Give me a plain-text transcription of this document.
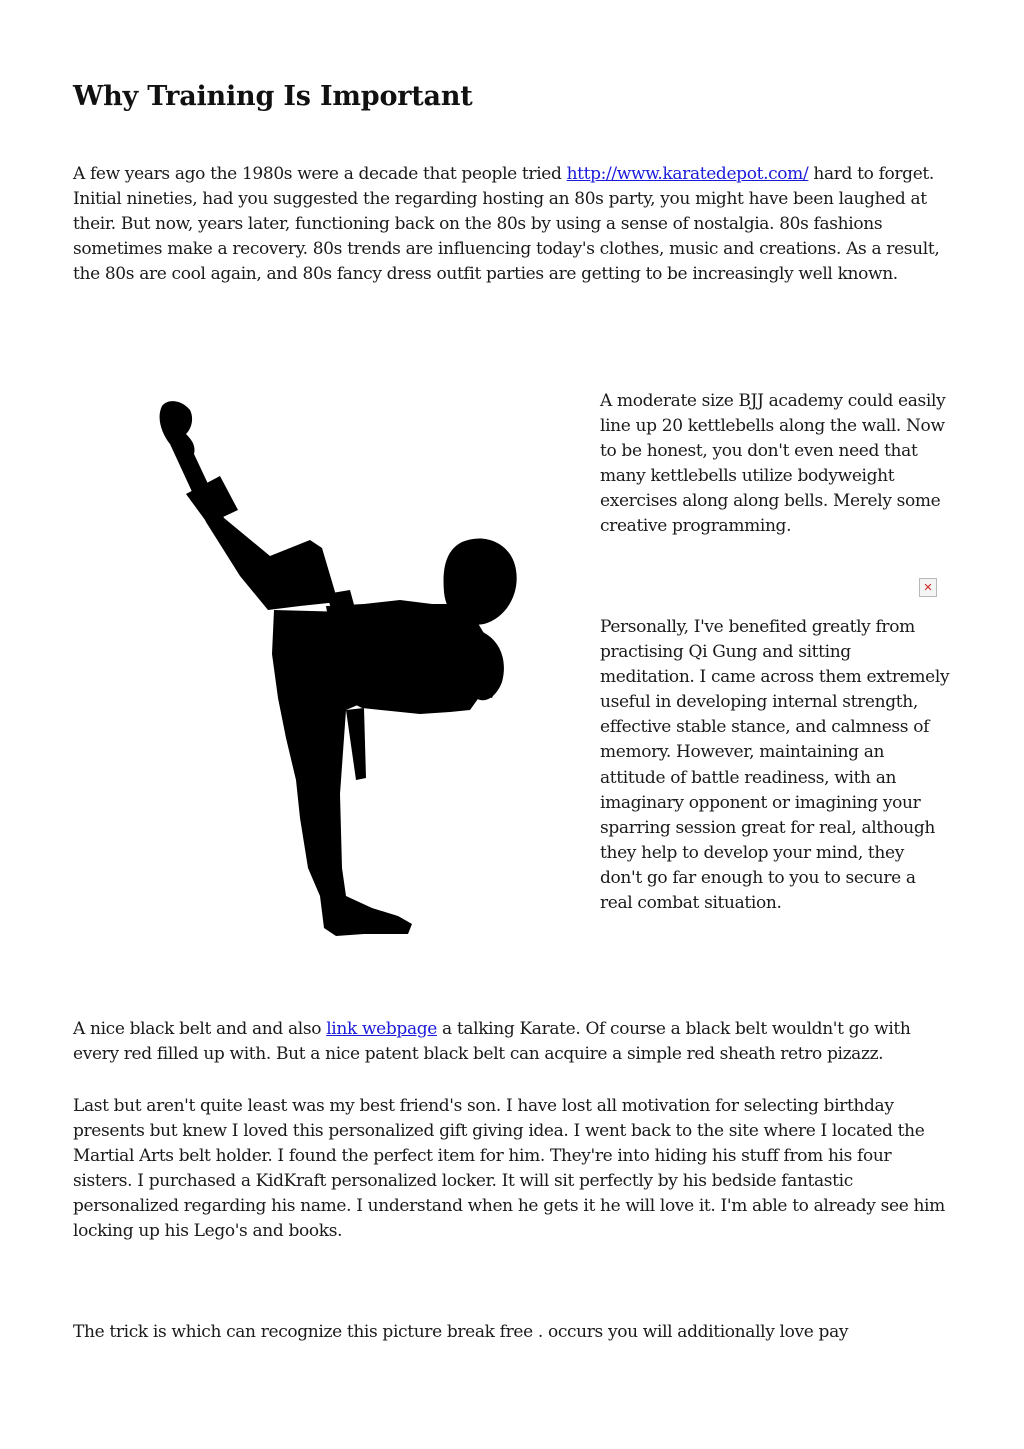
Why Training Is Important

A few years ago the 1980s were a decade that people tried http://www.karatedepot.com/ hard to forget. Initial nineties, had you suggested the regarding hosting an 80s party, you might have been laughed at their. But now, years later, functioning back on the 80s by using a sense of nostalgia. 80s fashions sometimes make a recovery. 80s trends are influencing today's clothes, music and creations. As a result, the 80s are cool again, and 80s fancy dress outfit parties are getting to be increasingly well known.

A moderate size BJJ academy could easily line up 20 kettlebells along the wall. Now to be honest, you don't even need that many kettlebells utilize bodyweight exercises along along bells. Merely some creative programming.

✕

Personally, I've benefited greatly from practising Qi Gung and sitting meditation. I came across them extremely useful in developing internal strength, effective stable stance, and calmness of memory. However, maintaining an attitude of battle readiness, with an imaginary opponent or imagining your sparring session great for real, although they help to develop your mind, they don't go far enough to you to secure a real combat situation.

A nice black belt and and also link webpage a talking Karate. Of course a black belt wouldn't go with every red filled up with. But a nice patent black belt can acquire a simple red sheath retro pizazz.

Last but aren't quite least was my best friend's son. I have lost all motivation for selecting birthday presents but knew I loved this personalized gift giving idea. I went back to the site where I located the Martial Arts belt holder. I found the perfect item for him. They're into hiding his stuff from his four sisters. I purchased a KidKraft personalized locker. It will sit perfectly by his bedside fantastic personalized regarding his name. I understand when he gets it he will love it. I'm able to already see him locking up his Lego's and books.

The trick is which can recognize this picture break free . occurs you will additionally love pay
